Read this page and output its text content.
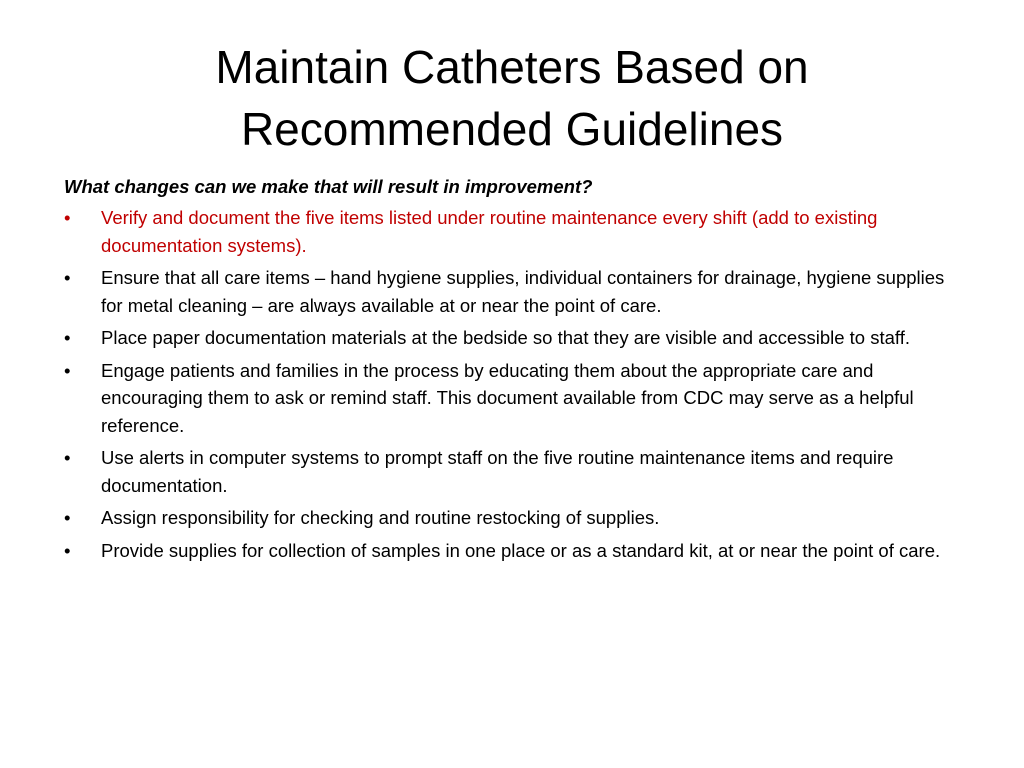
Maintain Catheters Based on Recommended Guidelines

What changes can we make that will result in improvement?

•	Verify and document the five items listed under routine maintenance every shift (add to existing documentation systems).
•	Ensure that all care items – hand hygiene supplies, individual containers for drainage, hygiene supplies for metal cleaning – are always available at or near the point of care.
•	Place paper documentation materials at the bedside so that they are visible and accessible to staff.
•	Engage patients and families in the process by educating them about the appropriate care and encouraging them to ask or remind staff. This document available from CDC may serve as a helpful reference.
•	Use alerts in computer systems to prompt staff on the five routine maintenance items and require documentation.
•	Assign responsibility for checking and routine restocking of supplies.
•	Provide supplies for collection of samples in one place or as a standard kit, at or near the point of care.
